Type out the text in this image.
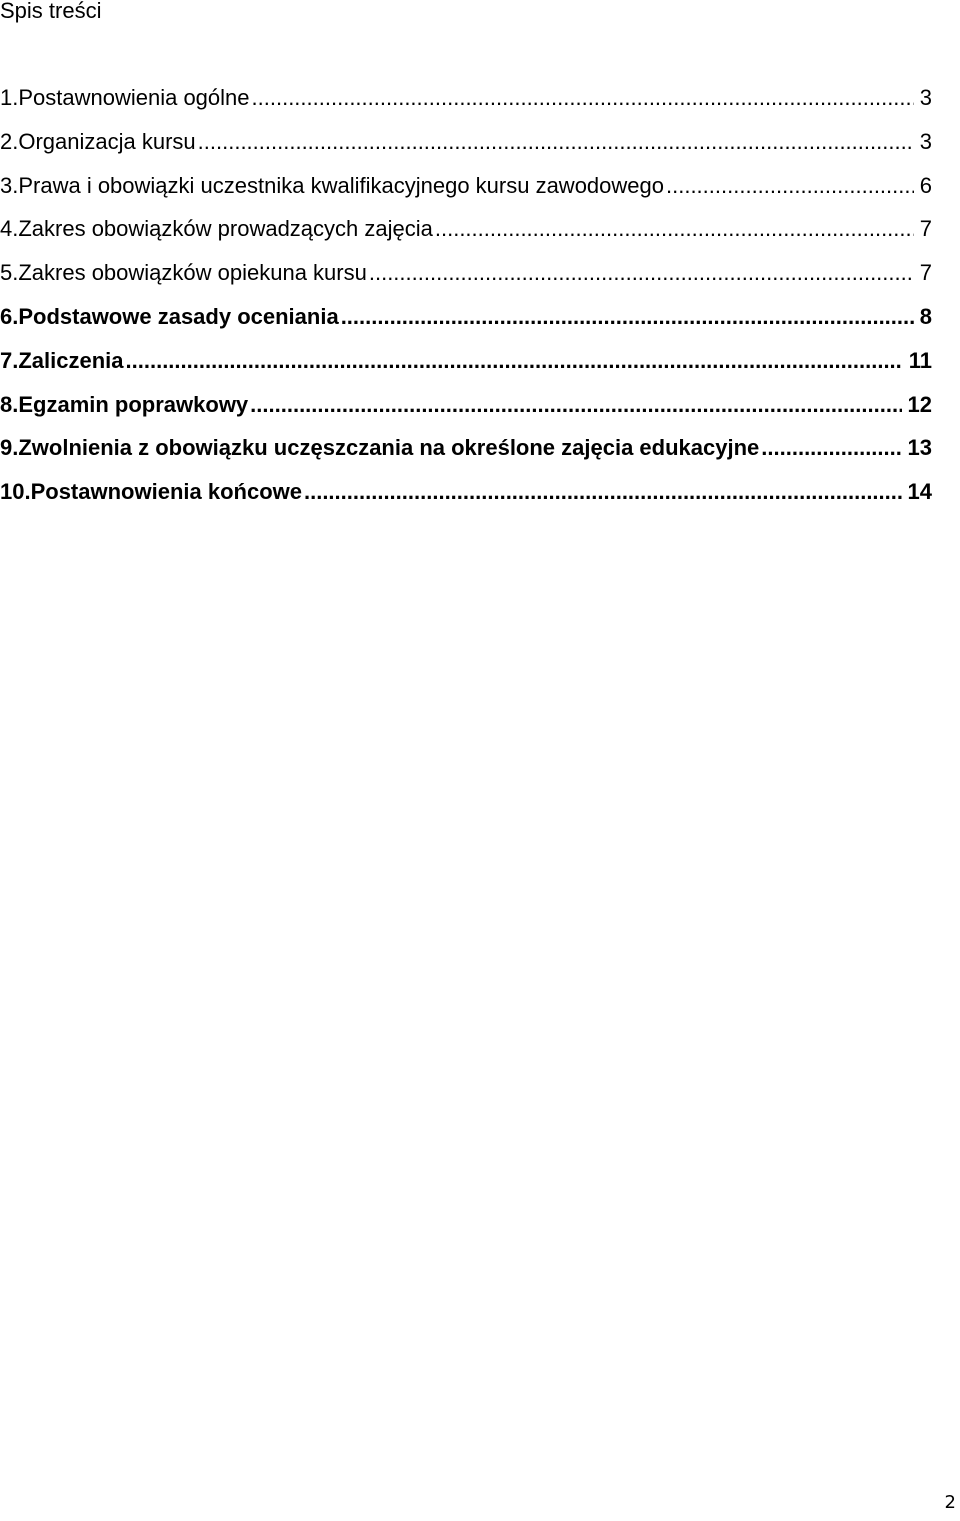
Spis treści
1.Postawnowienia ogólne .....	3
2.Organizacja kursu .....	3
3.Prawa i obowiązki uczestnika kwalifikacyjnego kursu zawodowego .....	6
4.Zakres obowiązków prowadzących zajęcia .....	7
5.Zakres obowiązków opiekuna kursu .....	7
6.Podstawowe zasady oceniania .....	8
7.Zaliczenia .....	11
8.Egzamin poprawkowy .....	12
9.Zwolnienia z obowiązku uczęszczania na określone zajęcia edukacyjne .....	13
10.Postawnowienia końcowe .....	14
2
